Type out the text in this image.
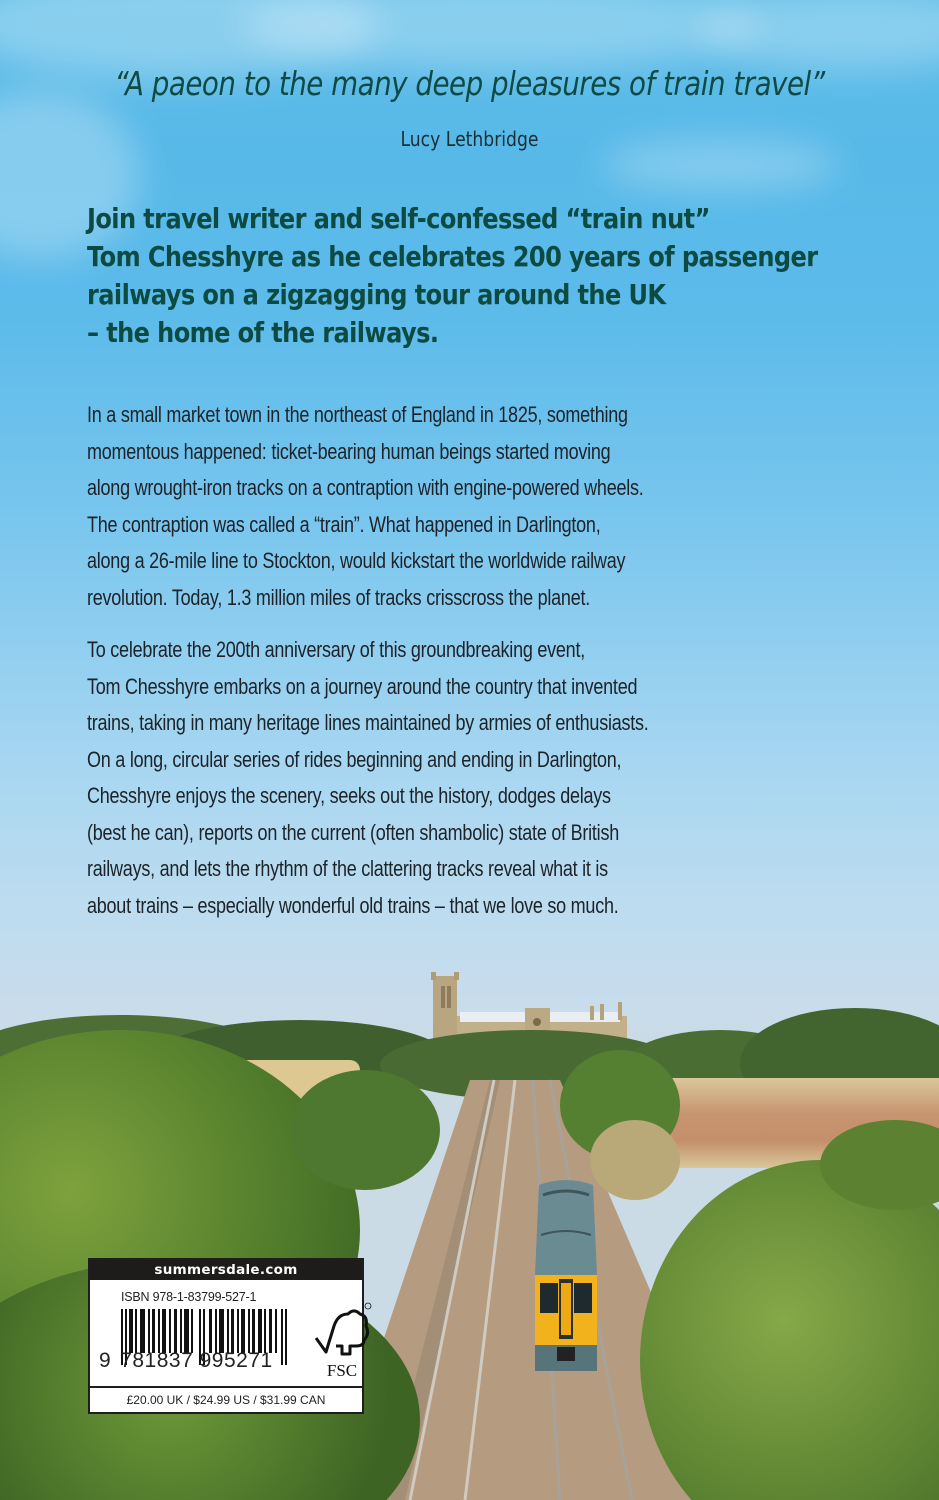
“A paeon to the many deep pleasures of train travel”
Lucy Lethbridge
Join travel writer and self-confessed “train nut”
Tom Chesshyre as he celebrates 200 years of passenger
railways on a zigzagging tour around the UK
– the home of the railways.
In a small market town in the northeast of England in 1825, something
momentous happened: ticket-bearing human beings started moving
along wrought-iron tracks on a contraption with engine-powered wheels.
The contraption was called a “train”. What happened in Darlington,
along a 26-mile line to Stockton, would kickstart the worldwide railway
revolution. Today, 1.3 million miles of tracks crisscross the planet.
To celebrate the 200th anniversary of this groundbreaking event,
Tom Chesshyre embarks on a journey around the country that invented
trains, taking in many heritage lines maintained by armies of enthusiasts.
On a long, circular series of rides beginning and ending in Darlington,
Chesshyre enjoys the scenery, seeks out the history, dodges delays
(best he can), reports on the current (often shambolic) state of British
railways, and lets the rhythm of the clattering tracks reveal what it is
about trains – especially wonderful old trains – that we love so much.
summersdale.com
ISBN 978-1-83799-527-1
9 781837 995271	FSC
£20.00 UK / $24.99 US / $31.99 CAN
